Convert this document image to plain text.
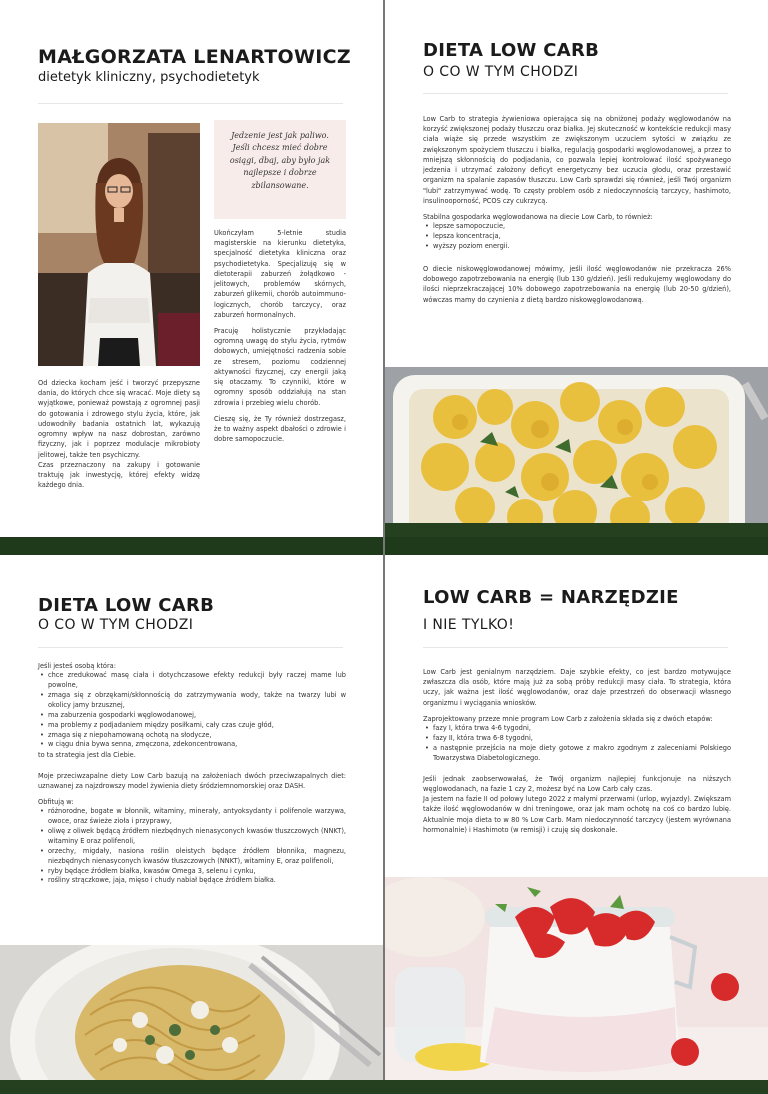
MAŁGORZATA LENARTOWICZ
dietetyk kliniczny, psychodietetyk
Jedzenie jest jak paliwo. Jeśli chcesz mieć dobre osiągi, dbaj, aby było jak najlepsze i dobrze zbilansowane.

Ukończyłam 5-letnie studia magisterskie na kierunku dietetyka, specjalność dietetyka kliniczna oraz psychodietetyka. Specjalizuję się w dietoterapii zaburzeń żołądkowo - jelitowych, problemów skórnych, zaburzeń glikemii, chorób autoimmuno-logicznych, chorób tarczycy, oraz zaburzeń hormonalnych.

Pracuję holistycznie przykładając ogromną uwagę do stylu życia, rytmów dobowych, umiejętności radzenia sobie ze stresem, poziomu codziennej aktywności fizycznej, czy energii jaką się otaczamy. To czynniki, które w ogromny sposób oddziałują na stan zdrowia i przebieg wielu chorób.

Cieszę się, że Ty również dostrzegasz, że to ważny aspekt dbałości o zdrowie i dobre samopoczucie.

Od dziecka kocham jeść i tworzyć przepyszne dania, do których chce się wracać. Moje diety są wyjątkowe, ponieważ powstają z ogromnej pasji do gotowania i zdrowego stylu życia, które, jak udowodniły badania ostatnich lat, wykazują ogromny wpływ na nasz dobrostan, zarówno fizyczny, jak i poprzez modulacje mikrobioty jelitowej, także ten psychiczny.

Czas przeznaczony na zakupy i gotowanie traktuję jak inwestycję, której efekty widzę każdego dnia.

DIETA LOW CARB
O CO W TYM CHODZI

Low Carb to strategia żywieniowa opierająca się na obniżonej podaży węglowodanów na korzyść zwiększonej podaży tłuszczu oraz białka. Jej skuteczność w kontekście redukcji masy ciała wiąże się przede wszystkim ze zwiększonym uczuciem sytości w związku ze zwiększonym spożyciem tłuszczu i białka, regulacją gospodarki węglowodanowej, a przez to mniejszą skłonnością do podjadania, co pozwala lepiej kontrolować ilość spożywanego jedzenia i utrzymać założony deficyt energetyczny bez uczucia głodu, oraz przestawić organizm na spalanie zapasów tłuszczu. Low Carb sprawdzi się również, jeśli Twój organizm "lubi" zatrzymywać wodę. To częsty problem osób z niedoczynnością tarczycy, hashimoto, insulinooporność, PCOS czy cukrzycą.

Stabilna gospodarka węglowodanowa na diecie Low Carb, to również:

• lepsze samopoczucie,
• lepsza koncentracja,
• wyższy poziom energii.

O diecie niskowęglowodanowej mówimy, jeśli ilość węglowodanów nie przekracza 26% dobowego zapotrzebowania na energię (lub 130 g/dzień). Jeśli redukujemy węglowodany do ilości nieprzekraczającej 10% dobowego zapotrzebowania na energię (lub 20-50 g/dzień), wówczas mamy do czynienia z dietą bardzo niskowęglowodanową.

DIETA LOW CARB
O CO W TYM CHODZI

Jeśli jesteś osobą która:

• chce zredukować masę ciała i dotychczasowe efekty redukcji były raczej mame lub powolne,
• zmaga się z obrzękami/skłonnością do zatrzymywania wody, także na twarzy lubi w okolicy jamy brzusznej,
• ma zaburzenia gospodarki węglowodanowej,
• ma problemy z podjadaniem między posiłkami, cały czas czuje głód,
• zmaga się z niepohamowaną ochotą na słodycze,
• w ciągu dnia bywa senna, zmęczona, zdekoncentrowana,

to ta strategia jest dla Ciebie.

Moje przeciwzapalne diety Low Carb bazują na założeniach dwóch przeciwzapalnych diet: uznawanej za najzdrowszy model żywienia diety śródziemnomorskiej oraz DASH.

Obfitują w:

• różnorodne, bogate w błonnik, witaminy, minerały, antyoksydanty i polifenole warzywa, owoce, oraz świeże zioła i przyprawy,
• oliwę z oliwek będącą źródłem niezbędnych nienasyconych kwasów tłuszczowych (NNKT), witaminy E oraz polifenoli,
• orzechy, migdały, nasiona roślin oleistych będące źródłem błonnika, magnezu, niezbędnych nienasyconych kwasów tłuszczowych (NNKT), witaminy E, oraz polifenoli,
• ryby będące źródłem białka, kwasów Omega 3, selenu i cynku,
• rośliny strączkowe, jaja, mięso i chudy nabiał będące źródłem białka.
LOW CARB = NARZĘDZIE
I NIE TYLKO!

Low Carb jest genialnym narzędziem. Daje szybkie efekty, co jest bardzo motywujące zwłaszcza dla osób, które mają już za sobą próby redukcji masy ciała. To strategia, która uczy, jak ważna jest ilość węglowodanów, oraz daje przestrzeń do obserwacji własnego organizmu i wyciągania wniosków.

Zaprojektowany przeze mnie program Low Carb z założenia składa się z dwóch etapów:

• fazy I, która trwa 4-6 tygodni,
• fazy II, która trwa 6-8 tygodni,
• a następnie przejścia na moje diety gotowe z makro zgodnym z zaleceniami Polskiego Towarzystwa Diabetologicznego.

Jeśli jednak zaobserwowałaś, że Twój organizm najlepiej funkcjonuje na niższych węglowodanach, na fazie 1 czy 2, możesz być na Low Carb cały czas.

Ja jestem na fazie II od połowy lutego 2022 z małymi przerwami (urlop, wyjazdy). Zwiększam także ilość węglowodanów w dni treningowe, oraz jak mam ochotę na coś co bardzo lubię. Aktualnie moja dieta to w 80 % Low Carb. Mam niedoczynność tarczycy (jestem wyrównana hormonalnie) i Hashimoto (w remisji) i czuję się doskonale.
